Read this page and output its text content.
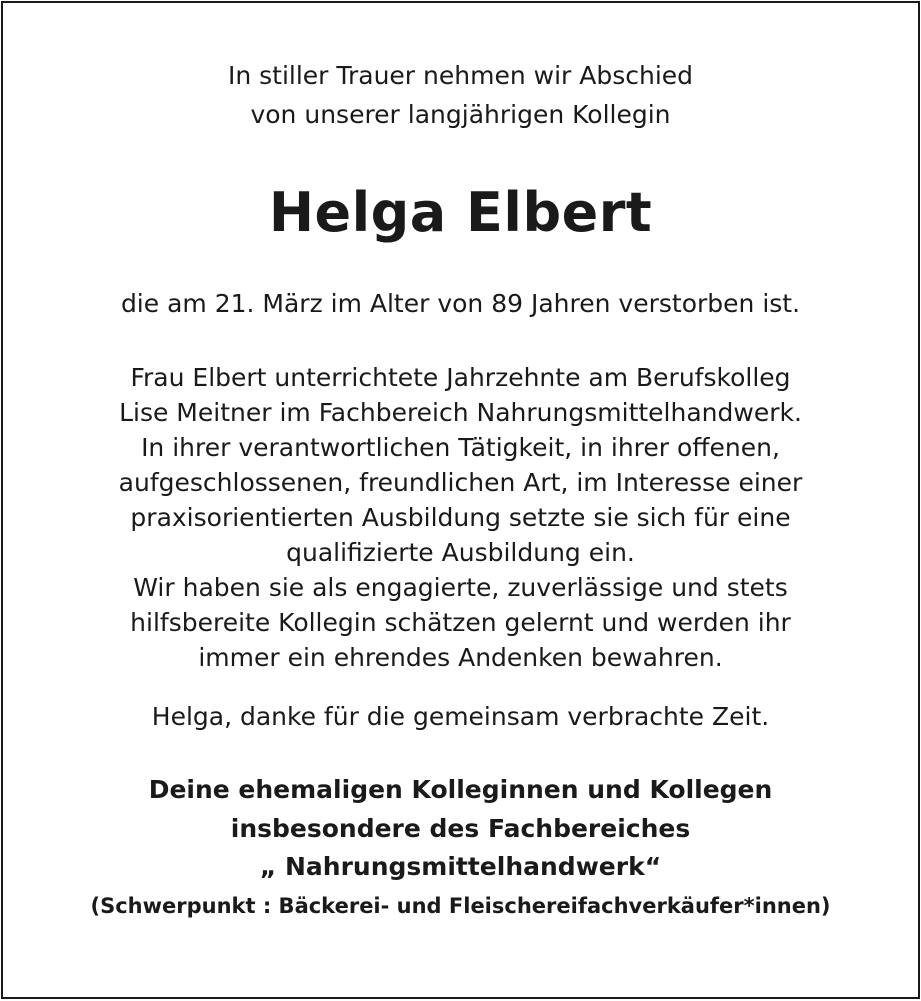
In stiller Trauer nehmen wir Abschied
von unserer langjährigen Kollegin
Helga Elbert
die am 21. März im Alter von 89 Jahren verstorben ist.
Frau Elbert unterrichtete Jahrzehnte am Berufskolleg
Lise Meitner im Fachbereich Nahrungsmittelhandwerk.
In ihrer verantwortlichen Tätigkeit, in ihrer offenen,
aufgeschlossenen, freundlichen Art, im Interesse einer
praxisorientierten Ausbildung setzte sie sich für eine
qualifizierte Ausbildung ein.
Wir haben sie als engagierte, zuverlässige und stets
hilfsbereite Kollegin schätzen gelernt und werden ihr
immer ein ehrendes Andenken bewahren.
Helga, danke für die gemeinsam verbrachte Zeit.
Deine ehemaligen Kolleginnen und Kollegen
insbesondere des Fachbereiches
„ Nahrungsmittelhandwerk“
(Schwerpunkt : Bäckerei- und Fleischereifachverkäufer*innen)
